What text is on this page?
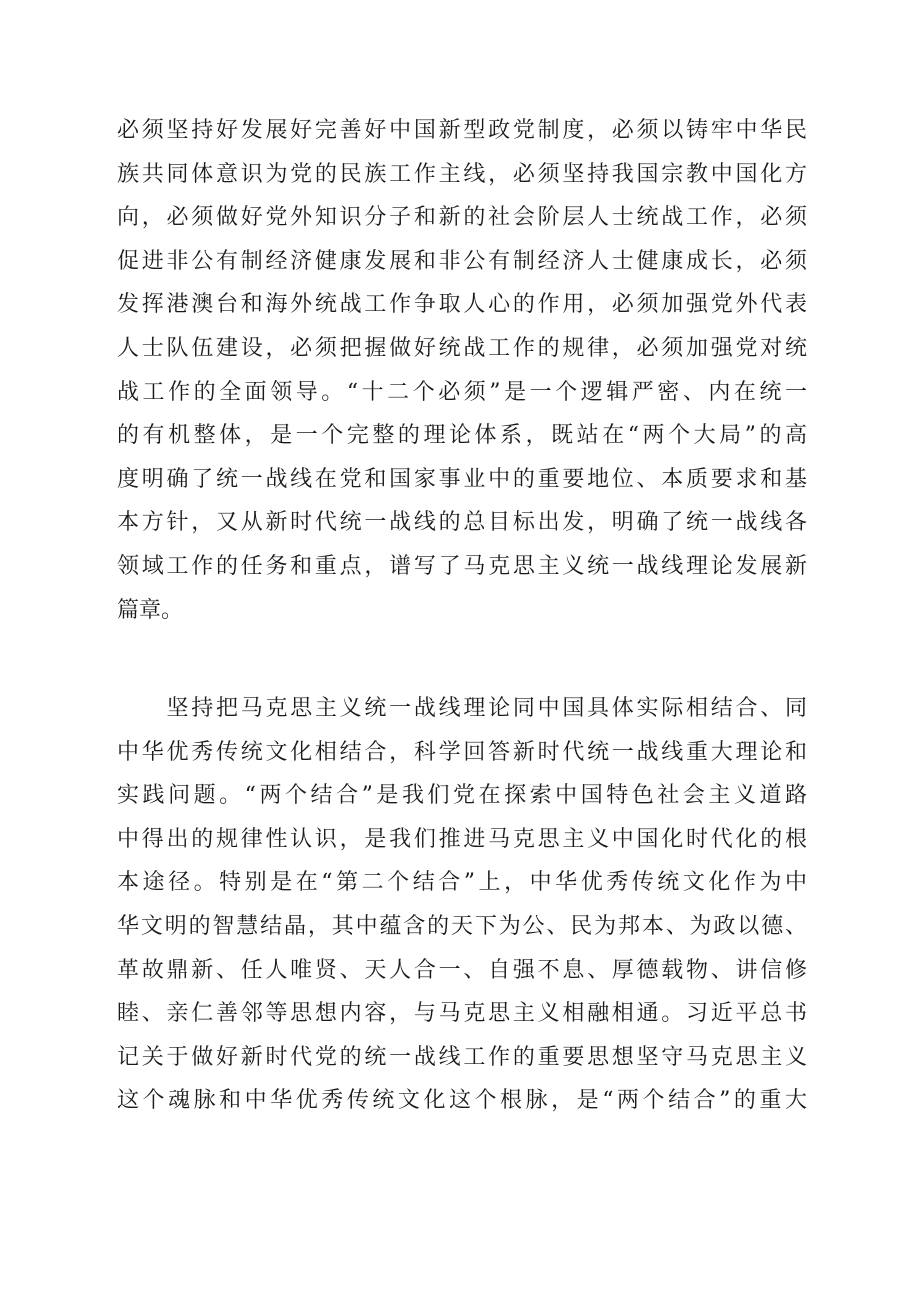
必须坚持好发展好完善好中国新型政党制度，必须以铸牢中华民
族共同体意识为党的民族工作主线，必须坚持我国宗教中国化方
向，必须做好党外知识分子和新的社会阶层人士统战工作，必须
促进非公有制经济健康发展和非公有制经济人士健康成长，必须
发挥港澳台和海外统战工作争取人心的作用，必须加强党外代表
人士队伍建设，必须把握做好统战工作的规律，必须加强党对统
战工作的全面领导。“十二个必须”是一个逻辑严密、内在统一
的有机整体，是一个完整的理论体系，既站在“两个大局”的高
度明确了统一战线在党和国家事业中的重要地位、本质要求和基
本方针，又从新时代统一战线的总目标出发，明确了统一战线各
领域工作的任务和重点，谱写了马克思主义统一战线理论发展新
篇章。
　　坚持把马克思主义统一战线理论同中国具体实际相结合、同
中华优秀传统文化相结合，科学回答新时代统一战线重大理论和
实践问题。“两个结合”是我们党在探索中国特色社会主义道路
中得出的规律性认识，是我们推进马克思主义中国化时代化的根
本途径。特别是在“第二个结合”上，中华优秀传统文化作为中
华文明的智慧结晶，其中蕴含的天下为公、民为邦本、为政以德、
革故鼎新、任人唯贤、天人合一、自强不息、厚德载物、讲信修
睦、亲仁善邻等思想内容，与马克思主义相融相通。习近平总书
记关于做好新时代党的统一战线工作的重要思想坚守马克思主义
这个魂脉和中华优秀传统文化这个根脉，是“两个结合”的重大
